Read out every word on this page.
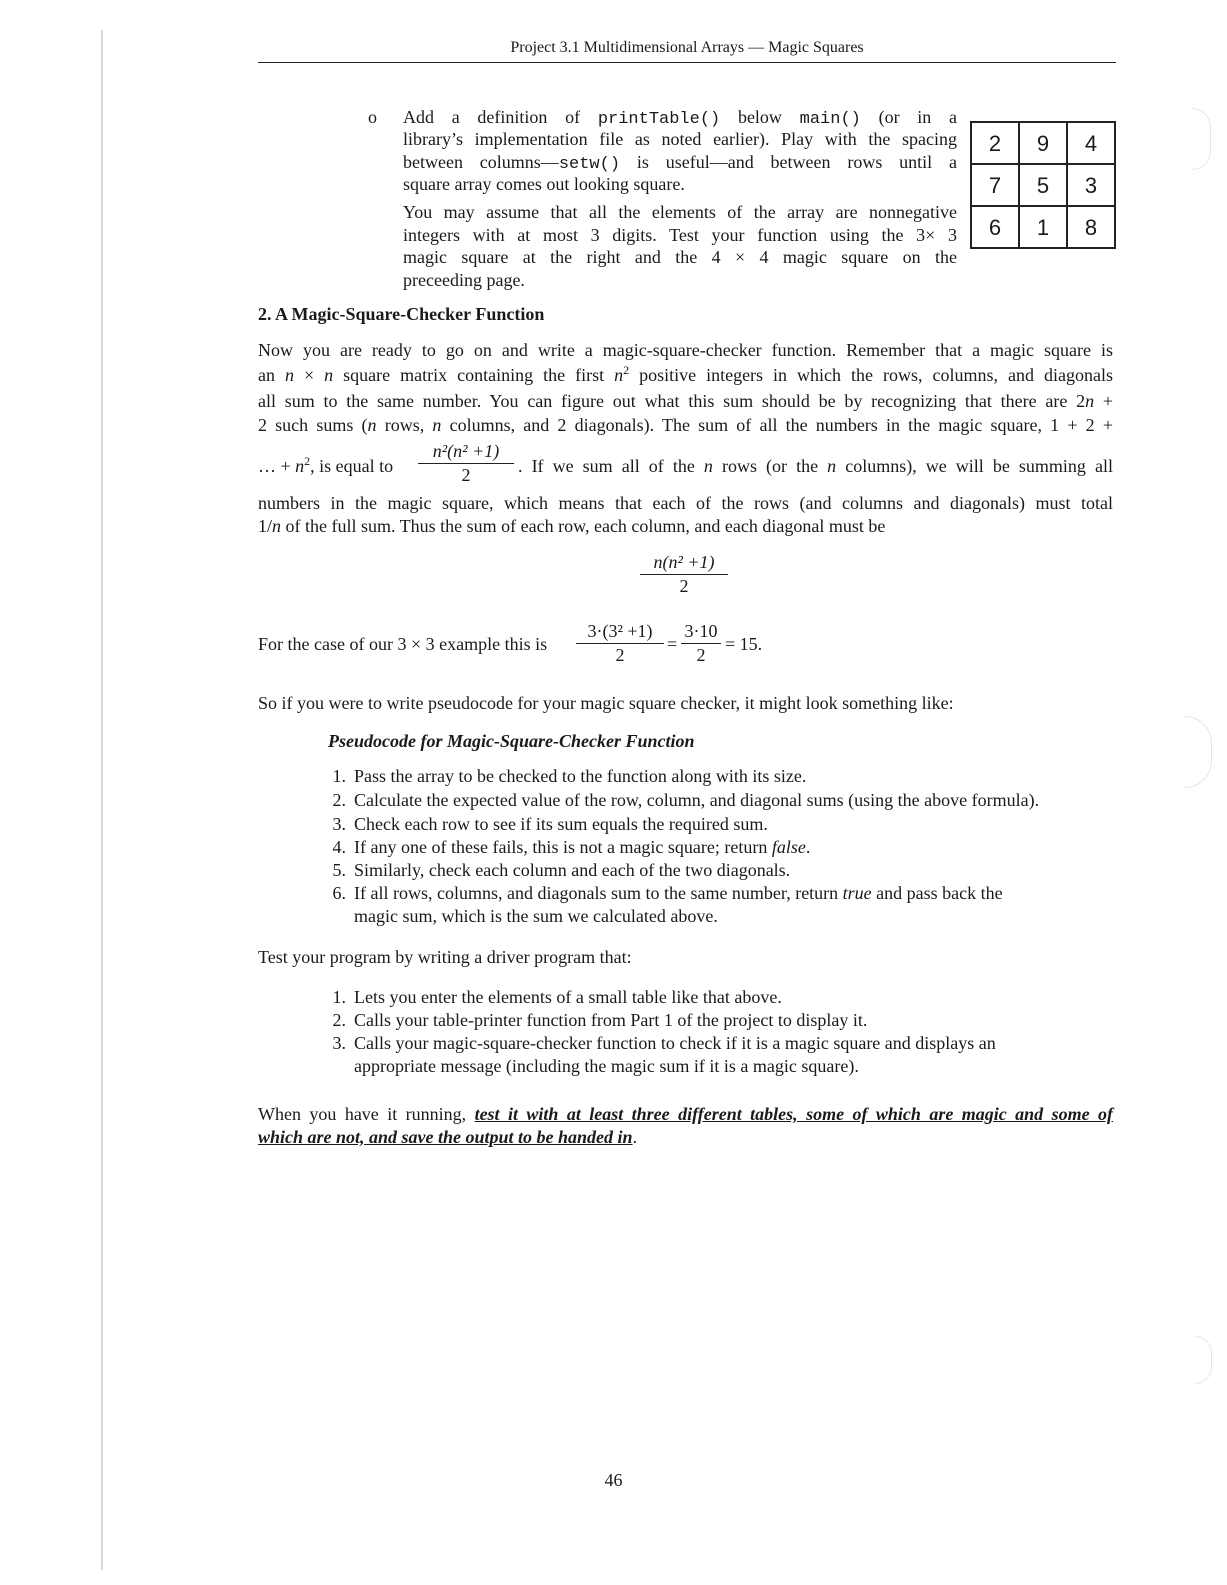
Project 3.1 Multidimensional Arrays — Magic Squares
o Add a definition of printTable() below main() (or in a
library’s implementation file as noted earlier). Play with the spacing
between columns—setw() is useful—and between rows until a
square array comes out looking square.
You may assume that all the elements of the array are nonnegative
integers with at most 3 digits. Test your function using the 3× 3
magic square at the right and the 4 × 4 magic square on the
preceeding page.
2	9	4
7	5	3
6	1	8
2. A Magic-Square-Checker Function
Now you are ready to go on and write a magic-square-checker function. Remember that a magic square is
an n × n square matrix containing the first $n^2$ positive integers in which the rows, columns, and diagonals
all sum to the same number. You can figure out what this sum should be by recognizing that there are 2n +
2 such sums (n rows, n columns, and 2 diagonals). The sum of all the numbers in the magic square, 1 + 2 +
… + $n^2$, is equal to
n²(n² +1)
2	. If we sum all of the n rows (or the n columns), we will be summing all
numbers in the magic square, which means that each of the rows (and columns and diagonals) must total
1/n of the full sum. Thus the sum of each row, each column, and each diagonal must be
n(n² +1)
2
For the case of our 3 × 3 example this is
3·(3² +1)
2
=
3·10
2
= 15.
So if you were to write pseudocode for your magic square checker, it might look something like:
Pseudocode for Magic-Square-Checker Function
1. Pass the array to be checked to the function along with its size.
2. Calculate the expected value of the row, column, and diagonal sums (using the above formula).
3. Check each row to see if its sum equals the required sum.
4. If any one of these fails, this is not a magic square; return false.
5. Similarly, check each column and each of the two diagonals.
6. If all rows, columns, and diagonals sum to the same number, return true and pass back the
magic sum, which is the sum we calculated above.
Test your program by writing a driver program that:
1. Lets you enter the elements of a small table like that above.
2. Calls your table-printer function from Part 1 of the project to display it.
3. Calls your magic-square-checker function to check if it is a magic square and displays an
appropriate message (including the magic sum if it is a magic square).
When you have it running, test it with at least three different tables, some of which are magic and some of
which are not, and save the output to be handed in.
46
